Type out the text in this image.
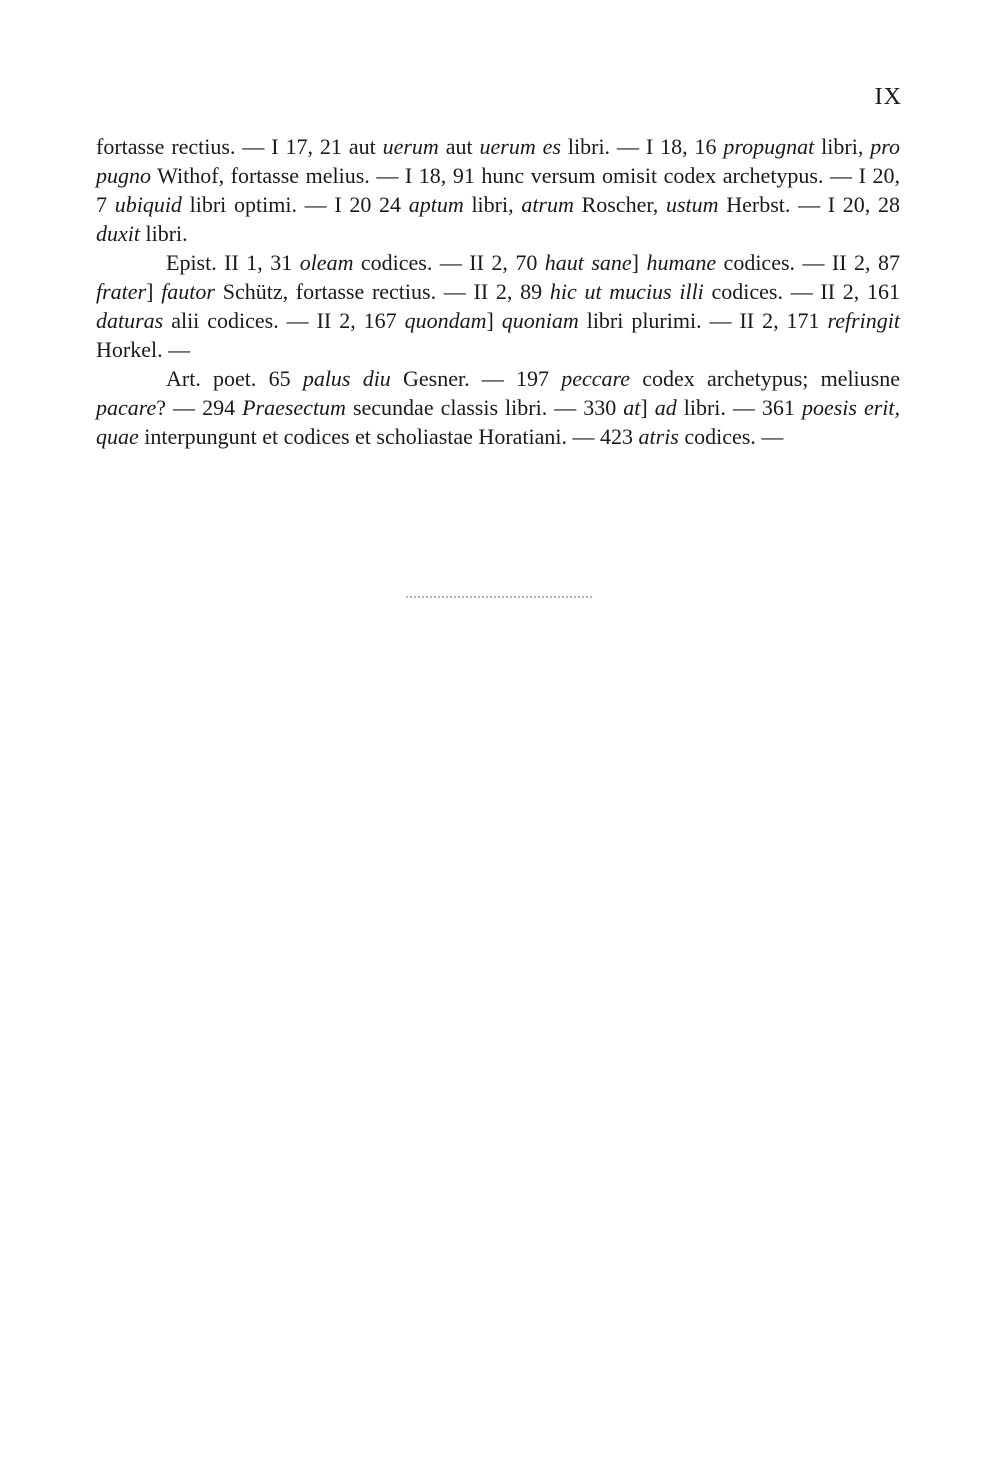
IX

fortasse rectius. — I 17, 21 aut uerum aut uerum es libri. — I 18, 16 propugnat libri, pro pugno Withof, fortasse melius. — I 18, 91 hunc versum omisit codex archetypus. — I 20, 7 ubiquid libri optimi. — I 20 24 aptum libri, atrum Roscher, ustum Herbst. — I 20, 28 duxit libri.

Epist. II 1, 31 oleam codices. — II 2, 70 haut sane] humane codices. — II 2, 87 frater] fautor Schütz, fortasse rectius. — II 2, 89 hic ut mucius illi codices. — II 2, 161 daturas alii codices. — II 2, 167 quondam] quoniam libri plurimi. — II 2, 171 refringit Horkel. —

Art. poet. 65 palus diu Gesner. — 197 peccare codex archetypus; meliusne pacare? — 294 Praesectum secundae classis libri. — 330 at] ad libri. — 361 poesis erit, quae interpungunt et codices et scholiastae Horatiani. — 423 atris codices. —
